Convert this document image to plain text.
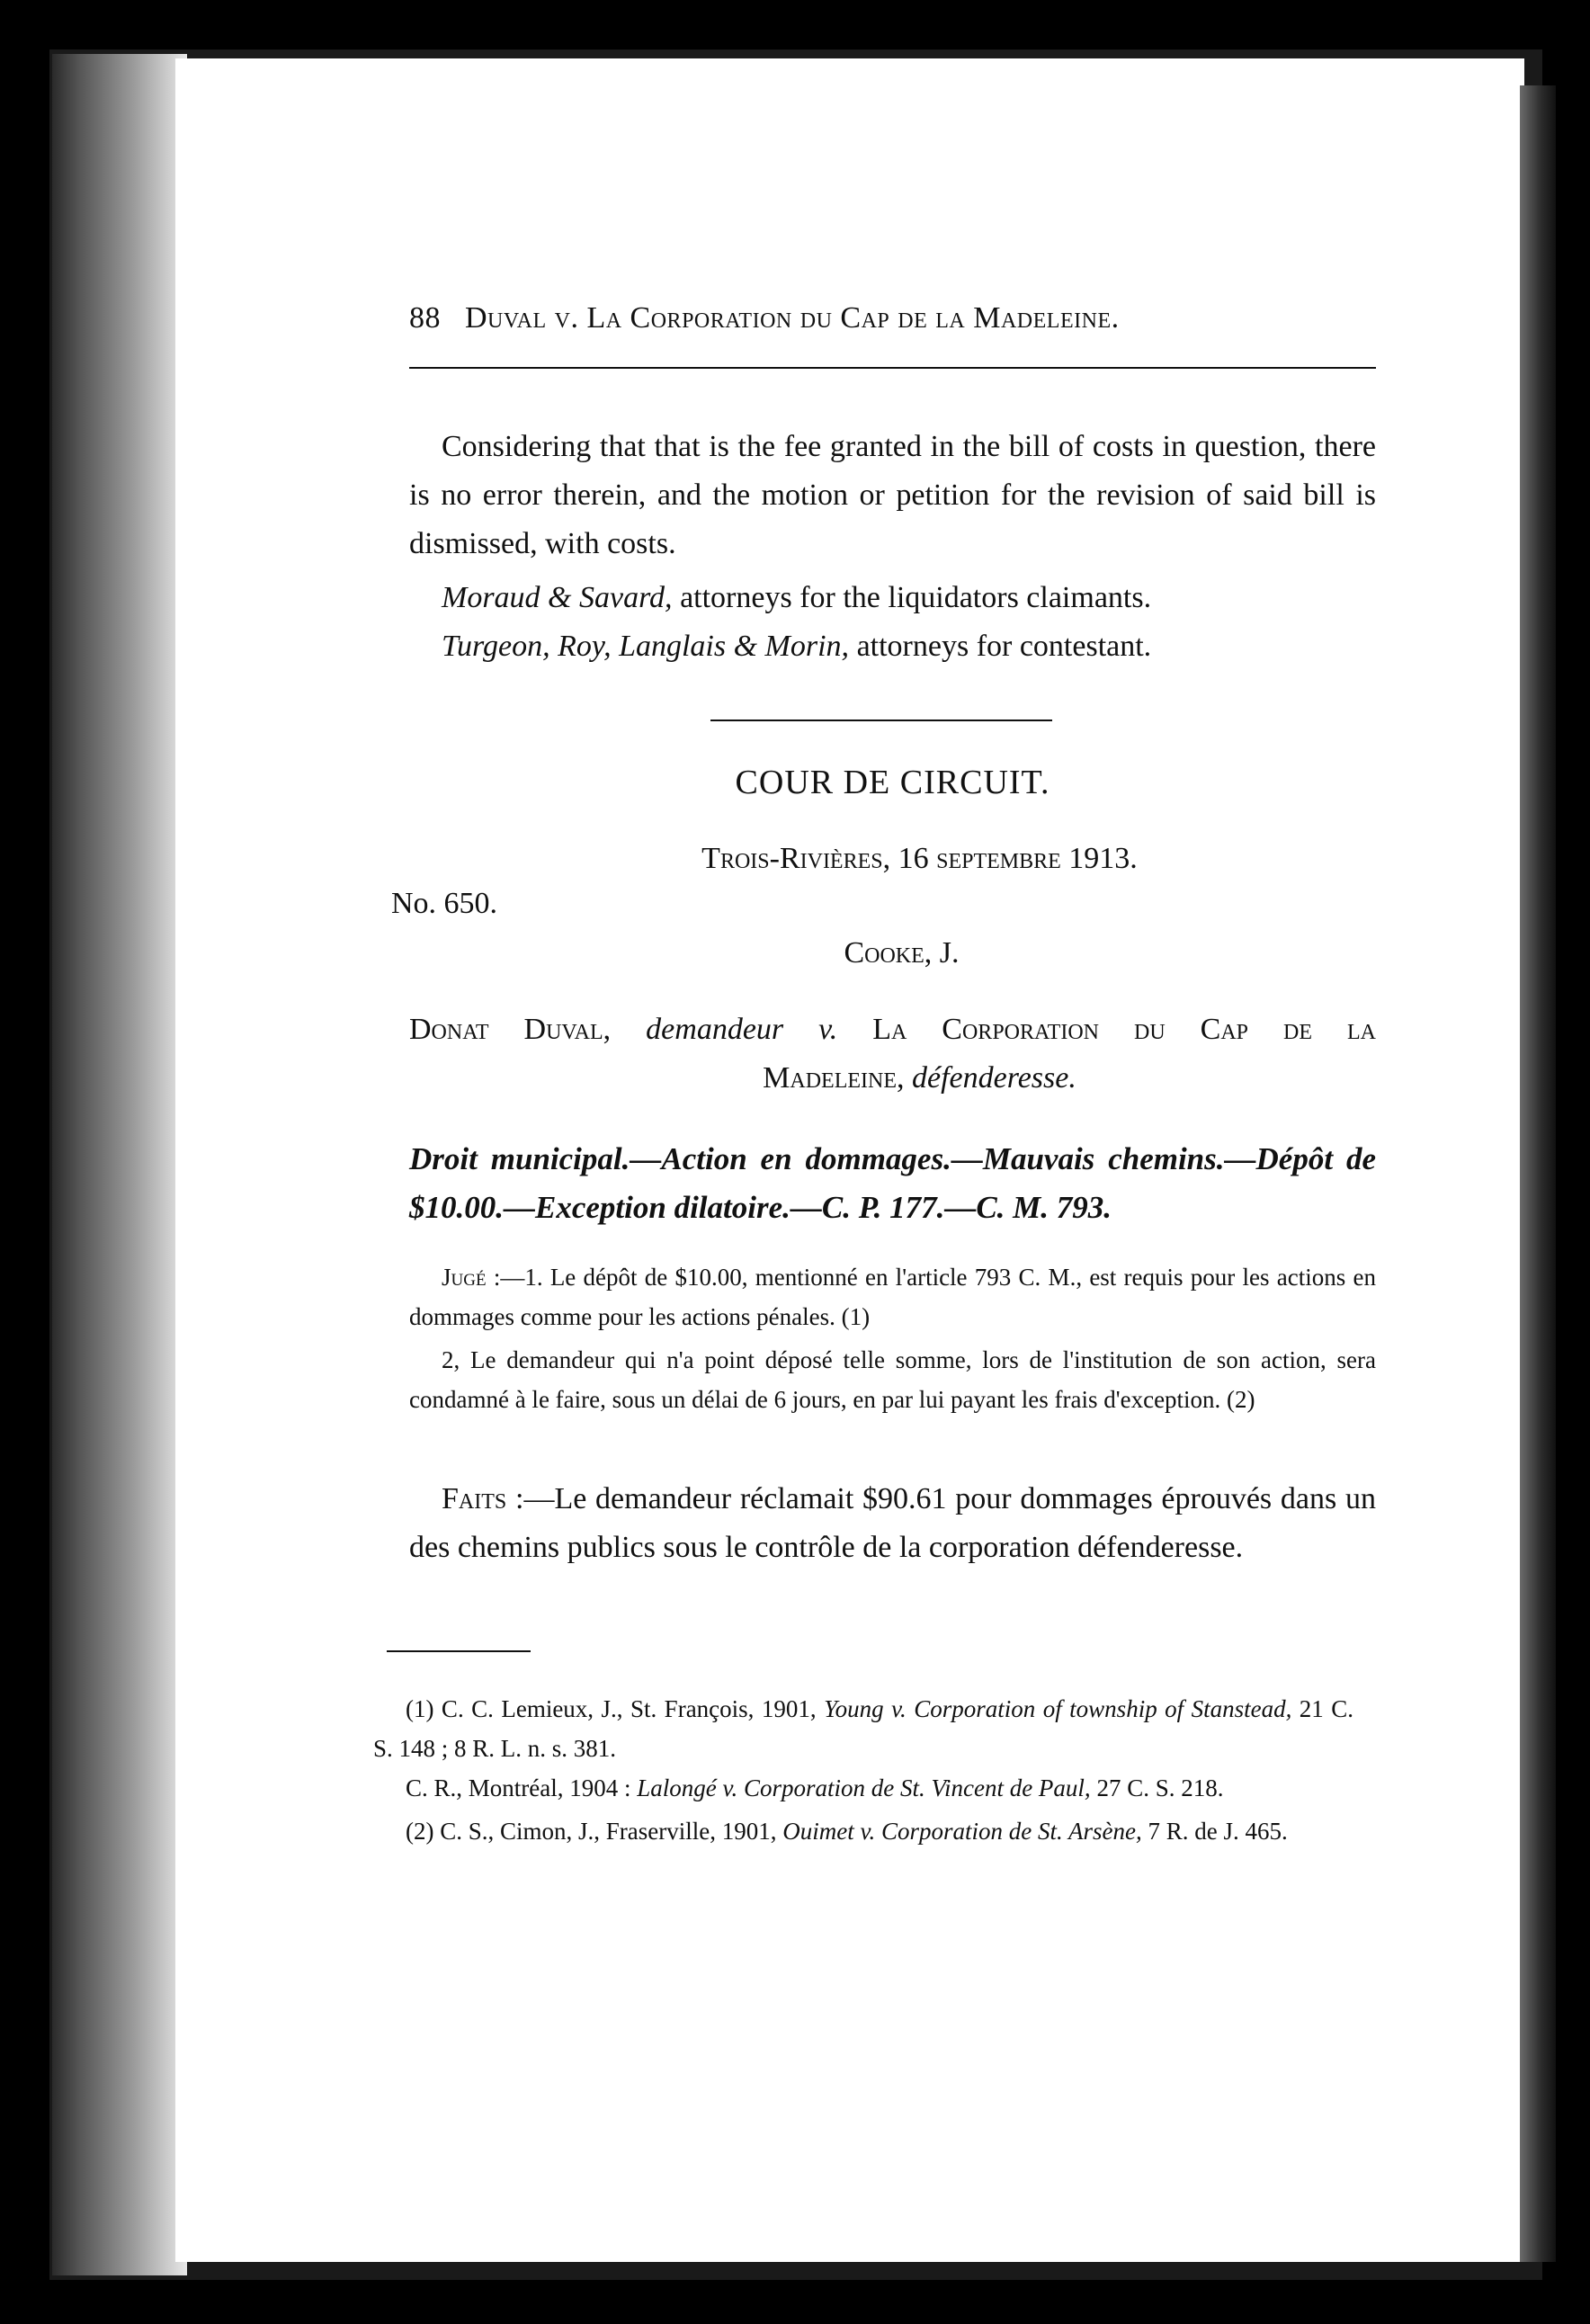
88 Duval v. La Corporation du Cap de la Madeleine.

Considering that that is the fee granted in the bill of costs in question, there is no error therein, and the motion or petition for the revision of said bill is dismissed, with costs.

Moraud & Savard, attorneys for the liquidators claimants.

Turgeon, Roy, Langlais & Morin, attorneys for contestant.

COUR DE CIRCUIT.

Trois-Rivières, 16 septembre 1913.

No. 650.

Cooke, J.

Donat Duval, demandeur v. La Corporation du Cap de la

Madeleine, défenderesse.

Droit municipal.—Action en dommages.—Mauvais chemins.—Dépôt de $10.00.—Exception dilatoire.—C. P. 177.—C. M. 793.

Jugé :—1. Le dépôt de $10.00, mentionné en l'article 793 C. M., est requis pour les actions en dommages comme pour les actions pénales. (1)

2, Le demandeur qui n'a point déposé telle somme, lors de l'institution de son action, sera condamné à le faire, sous un délai de 6 jours, en par lui payant les frais d'exception. (2)

Faits :—Le demandeur réclamait $90.61 pour dommages éprouvés dans un des chemins publics sous le contrôle de la corporation défenderesse.

(1) C. C. Lemieux, J., St. François, 1901, Young v. Corporation of township of Stanstead, 21 C. S. 148 ; 8 R. L. n. s. 381.

C. R., Montréal, 1904 : Lalongé v. Corporation de St. Vincent de Paul, 27 C. S. 218.

(2) C. S., Cimon, J., Fraserville, 1901, Ouimet v. Corporation de St. Arsène, 7 R. de J. 465.
